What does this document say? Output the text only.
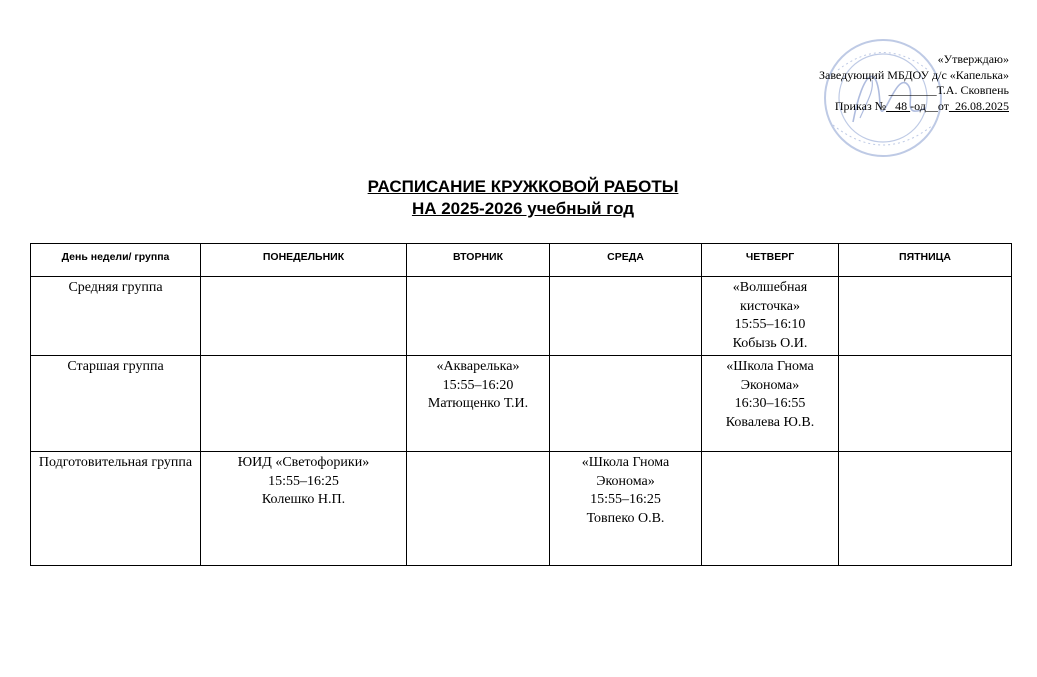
«Утверждаю»
Заведующий МБДОУ д/с «Капелька»
________Т.А. Сковпень
Приказ №_ 48 -од__от_26.08.2025
РАСПИСАНИЕ КРУЖКОВОЙ РАБОТЫ
НА 2025-2026 учебный год
День недели/ группа	ПОНЕДЕЛЬНИК	ВТОРНИК	СРЕДА	ЧЕТВЕРГ	ПЯТНИЦА
Средняя группа				«Волшебная
кисточка»
15:55–16:10
Кобызь О.И.	

Старшая группа		«Акварелька»
15:55–16:20
Матющенко Т.И.		«Школа Гнома
Эконома»
16:30–16:55
Ковалева Ю.В.	

Подготовительная группа	ЮИД «Светофорики»
15:55–16:25
Колешко Н.П.		«Школа Гнома
Эконома»
15:55–16:25
Товпеко О.В.		
